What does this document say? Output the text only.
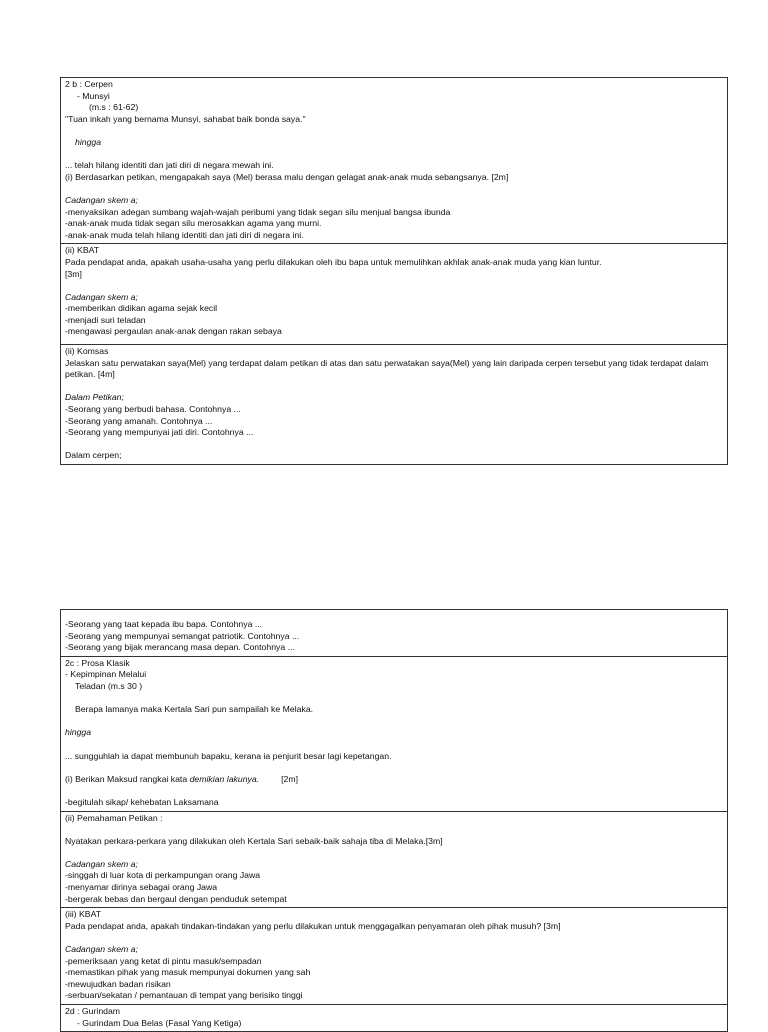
2 b : Cerpen
- Munsyi
(m.s : 61-62)
"Tuan inkah yang bernama Munsyi, sahabat baik bonda saya."
hingga
... telah hilang identiti dan jati diri di negara mewah ini.
(i) Berdasarkan petikan, mengapakah saya (Mel) berasa malu dengan gelagat anak-anak muda sebangsanya. [2m]
Cadangan skem a;
-menyaksikan adegan sumbang wajah-wajah peribumi yang tidak segan silu menjual bangsa ibunda
-anak-anak muda tidak segan silu merosakkan agama yang murni.
-anak-anak muda telah hilang identiti dan jati diri di negara ini.
(ii) KBAT
Pada pendapat anda, apakah usaha-usaha yang perlu dilakukan oleh ibu bapa untuk memulihkan akhlak anak-anak muda yang kian luntur.
[3m]
Cadangan skem a;
-memberikan didikan agama sejak kecil
-menjadi suri teladan
-mengawasi pergaulan anak-anak dengan rakan sebaya
(ii) Komsas
Jelaskan satu perwatakan saya(Mel) yang terdapat dalam petikan di atas dan satu perwatakan saya(Mel) yang lain daripada cerpen tersebut yang tidak terdapat dalam petikan. [4m]
Dalam Petikan;
-Seorang yang berbudi bahasa. Contohnya ...
-Seorang yang amanah. Contohnya ...
-Seorang yang mempunyai jati diri. Contohnya ...
Dalam cerpen;
-Seorang yang taat kepada ibu bapa. Contohnya ...
-Seorang yang mempunyai semangat patriotik. Contohnya ...
-Seorang yang bijak merancang masa depan. Contohnya ...
2c : Prosa Klasik
- Kepimpinan Melalui
Teladan (m.s 30 )
Berapa lamanya maka Kertala Sari pun sampailah ke Melaka.
hingga
... sungguhlah ia dapat membunuh bapaku, kerana ia penjurit besar lagi kepetangan.
(i) Berikan Maksud rangkai kata demikian lakunya.	[2m]
-begitulah sikap/ kehebatan Laksamana
(ii) Pemahaman Petikan :
Nyatakan perkara-perkara yang dilakukan oleh Kertala Sari sebaik-baik sahaja tiba di Melaka.[3m]
Cadangan skem a;
-singgah di luar kota di perkampungan orang Jawa
-menyamar dirinya sebagai orang Jawa
-bergerak bebas dan bergaul dengan penduduk setempat
(iii) KBAT
Pada pendapat anda, apakah tindakan-tindakan yang perlu dilakukan untuk menggagalkan penyamaran oleh pihak musuh? [3m]
Cadangan skem a;
-pemeriksaan yang ketat di pintu masuk/sempadan
-memastikan pihak yang masuk mempunyai dokumen yang sah
-mewujudkan badan risikan
-serbuan/sekatan / pemantauan di tempat yang berisiko tinggi
2d : Gurindam
- Gurindam Dua Belas (Fasal Yang Ketiga)
